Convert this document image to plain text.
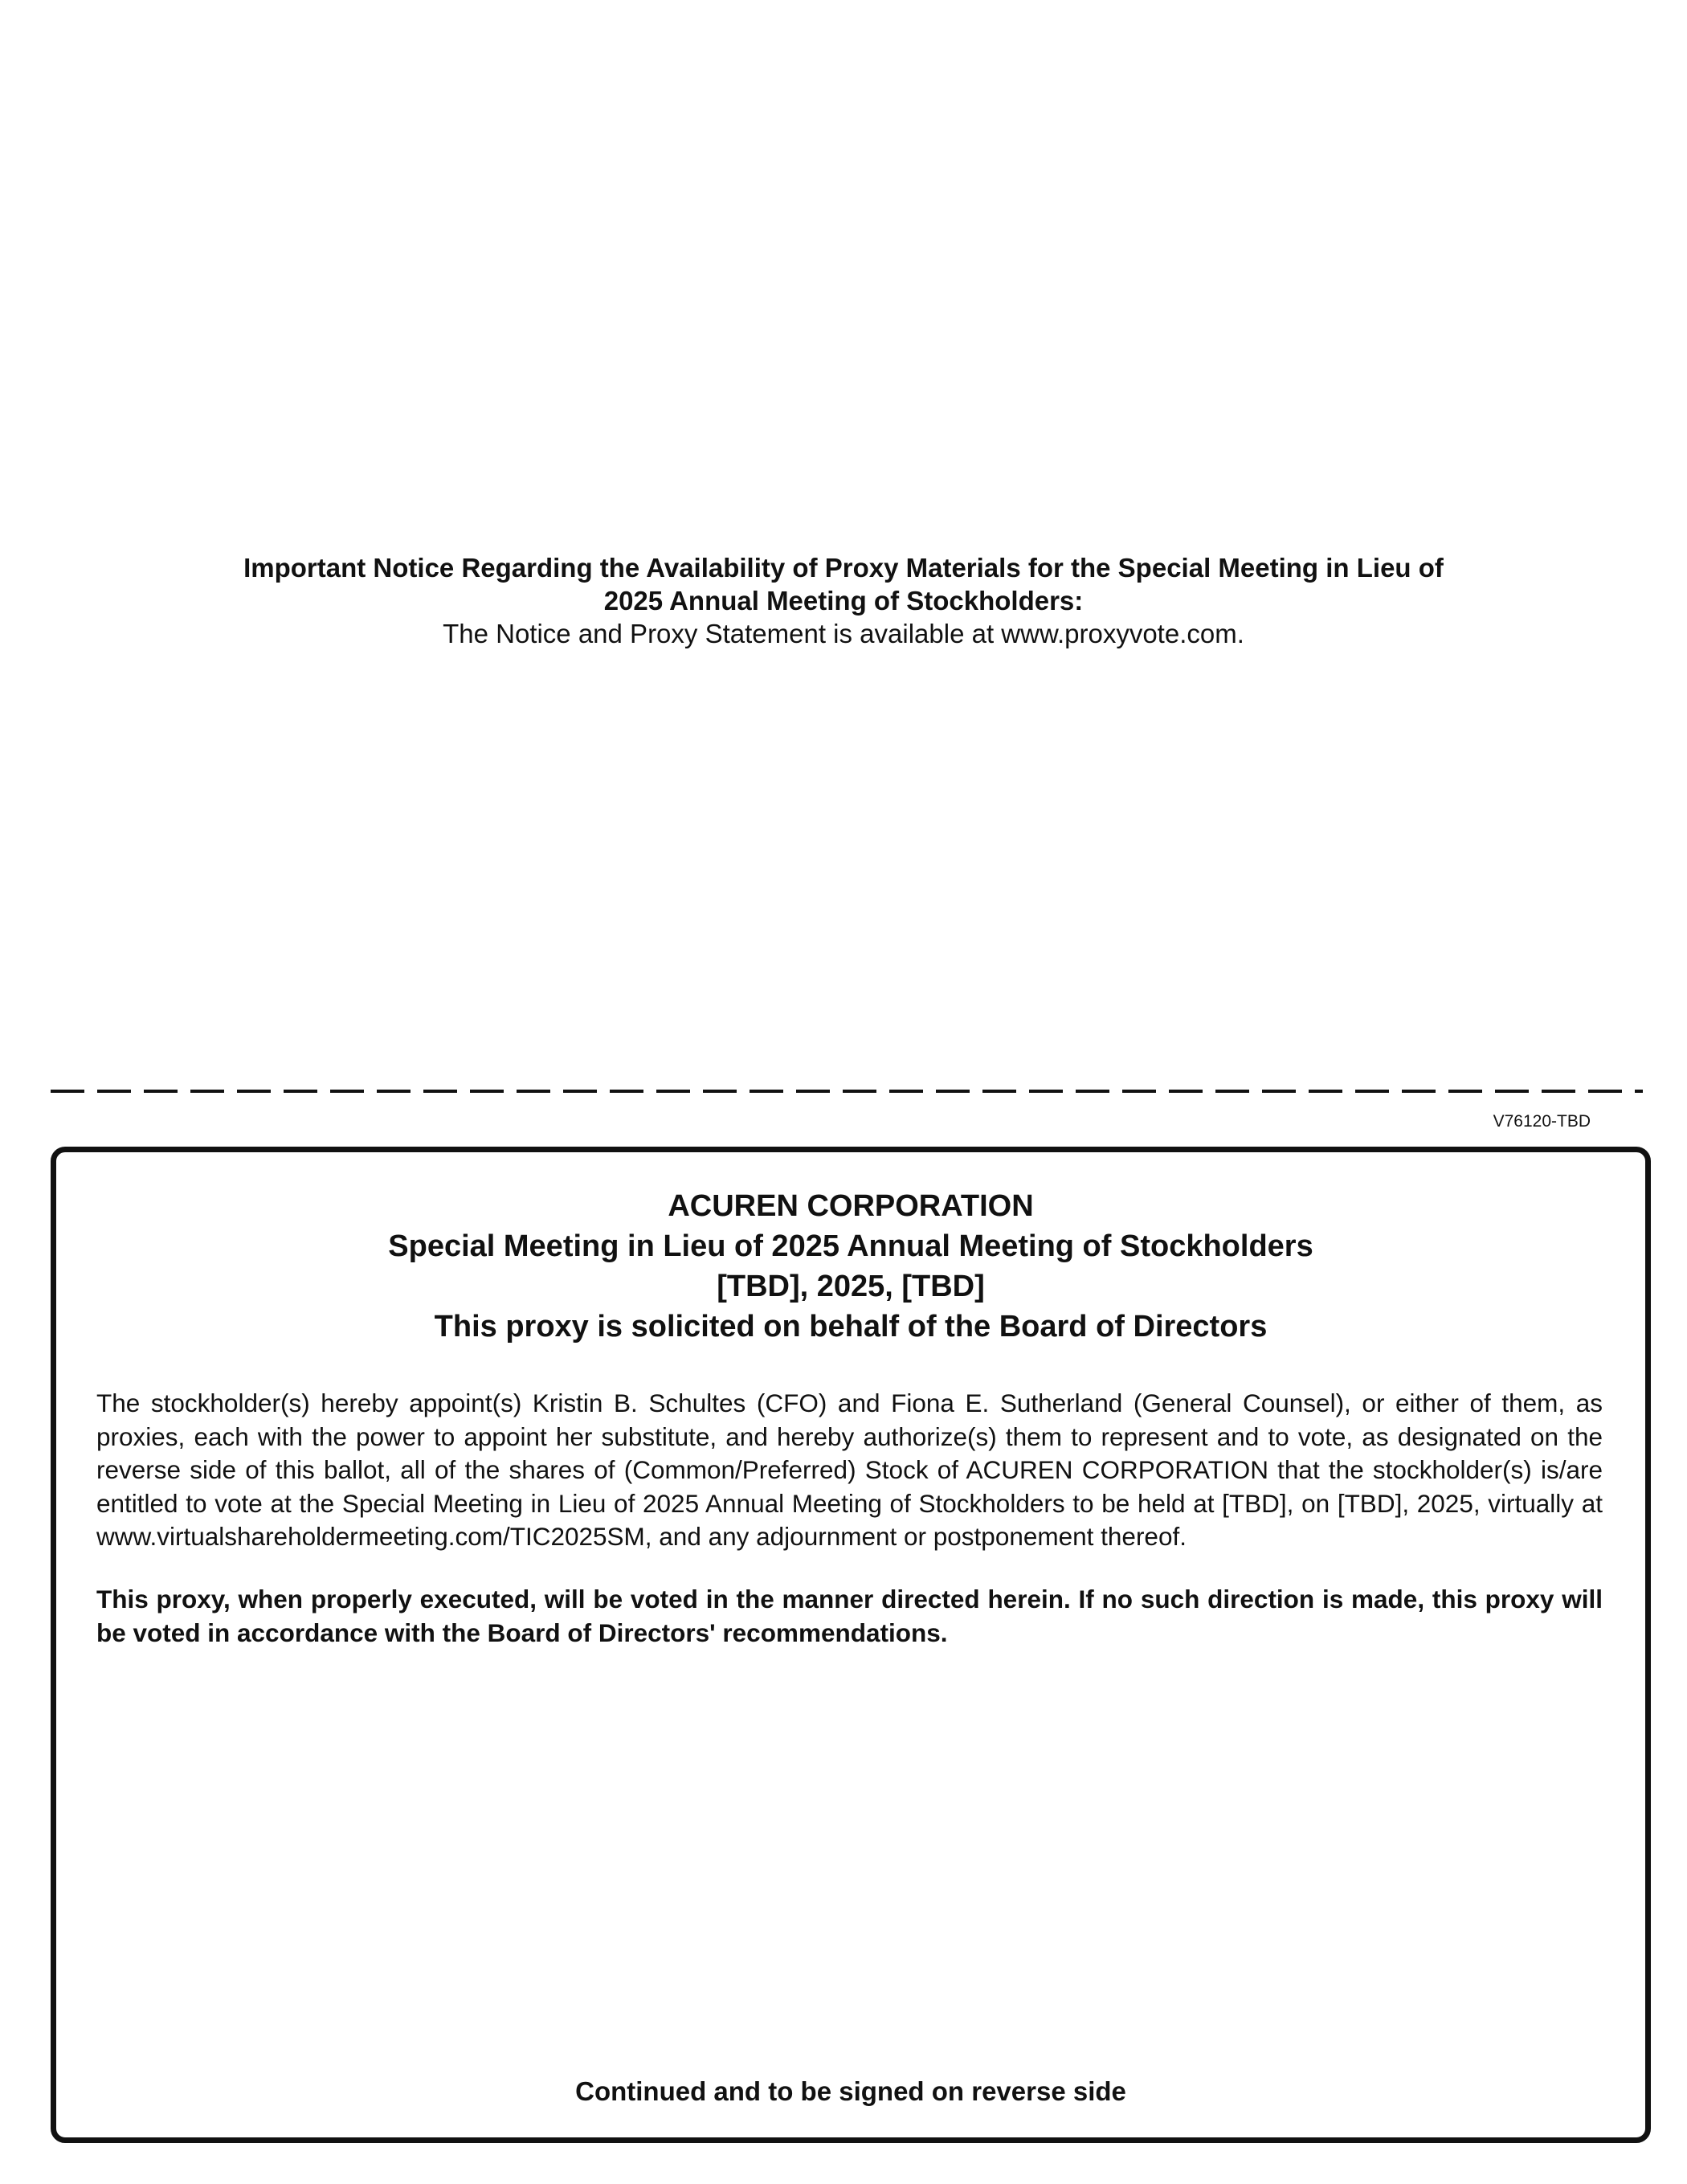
Important Notice Regarding the Availability of Proxy Materials for the Special Meeting in Lieu of
2025 Annual Meeting of Stockholders:
The Notice and Proxy Statement is available at www.proxyvote.com.
V76120-TBD
ACUREN CORPORATION
Special Meeting in Lieu of 2025 Annual Meeting of Stockholders
[TBD], 2025, [TBD]
This proxy is solicited on behalf of the Board of Directors
The stockholder(s) hereby appoint(s) Kristin B. Schultes (CFO) and Fiona E. Sutherland (General Counsel), or either of them, as proxies, each with the power to appoint her substitute, and hereby authorize(s) them to represent and to vote, as designated on the reverse side of this ballot, all of the shares of (Common/Preferred) Stock of ACUREN CORPORATION that the stockholder(s) is/are entitled to vote at the Special Meeting in Lieu of 2025 Annual Meeting of Stockholders to be held at [TBD], on [TBD], 2025, virtually at www.virtualshareholdermeeting.com/TIC2025SM, and any adjournment or postponement thereof.
This proxy, when properly executed, will be voted in the manner directed herein. If no such direction is made, this proxy will be voted in accordance with the Board of Directors' recommendations.
Continued and to be signed on reverse side
